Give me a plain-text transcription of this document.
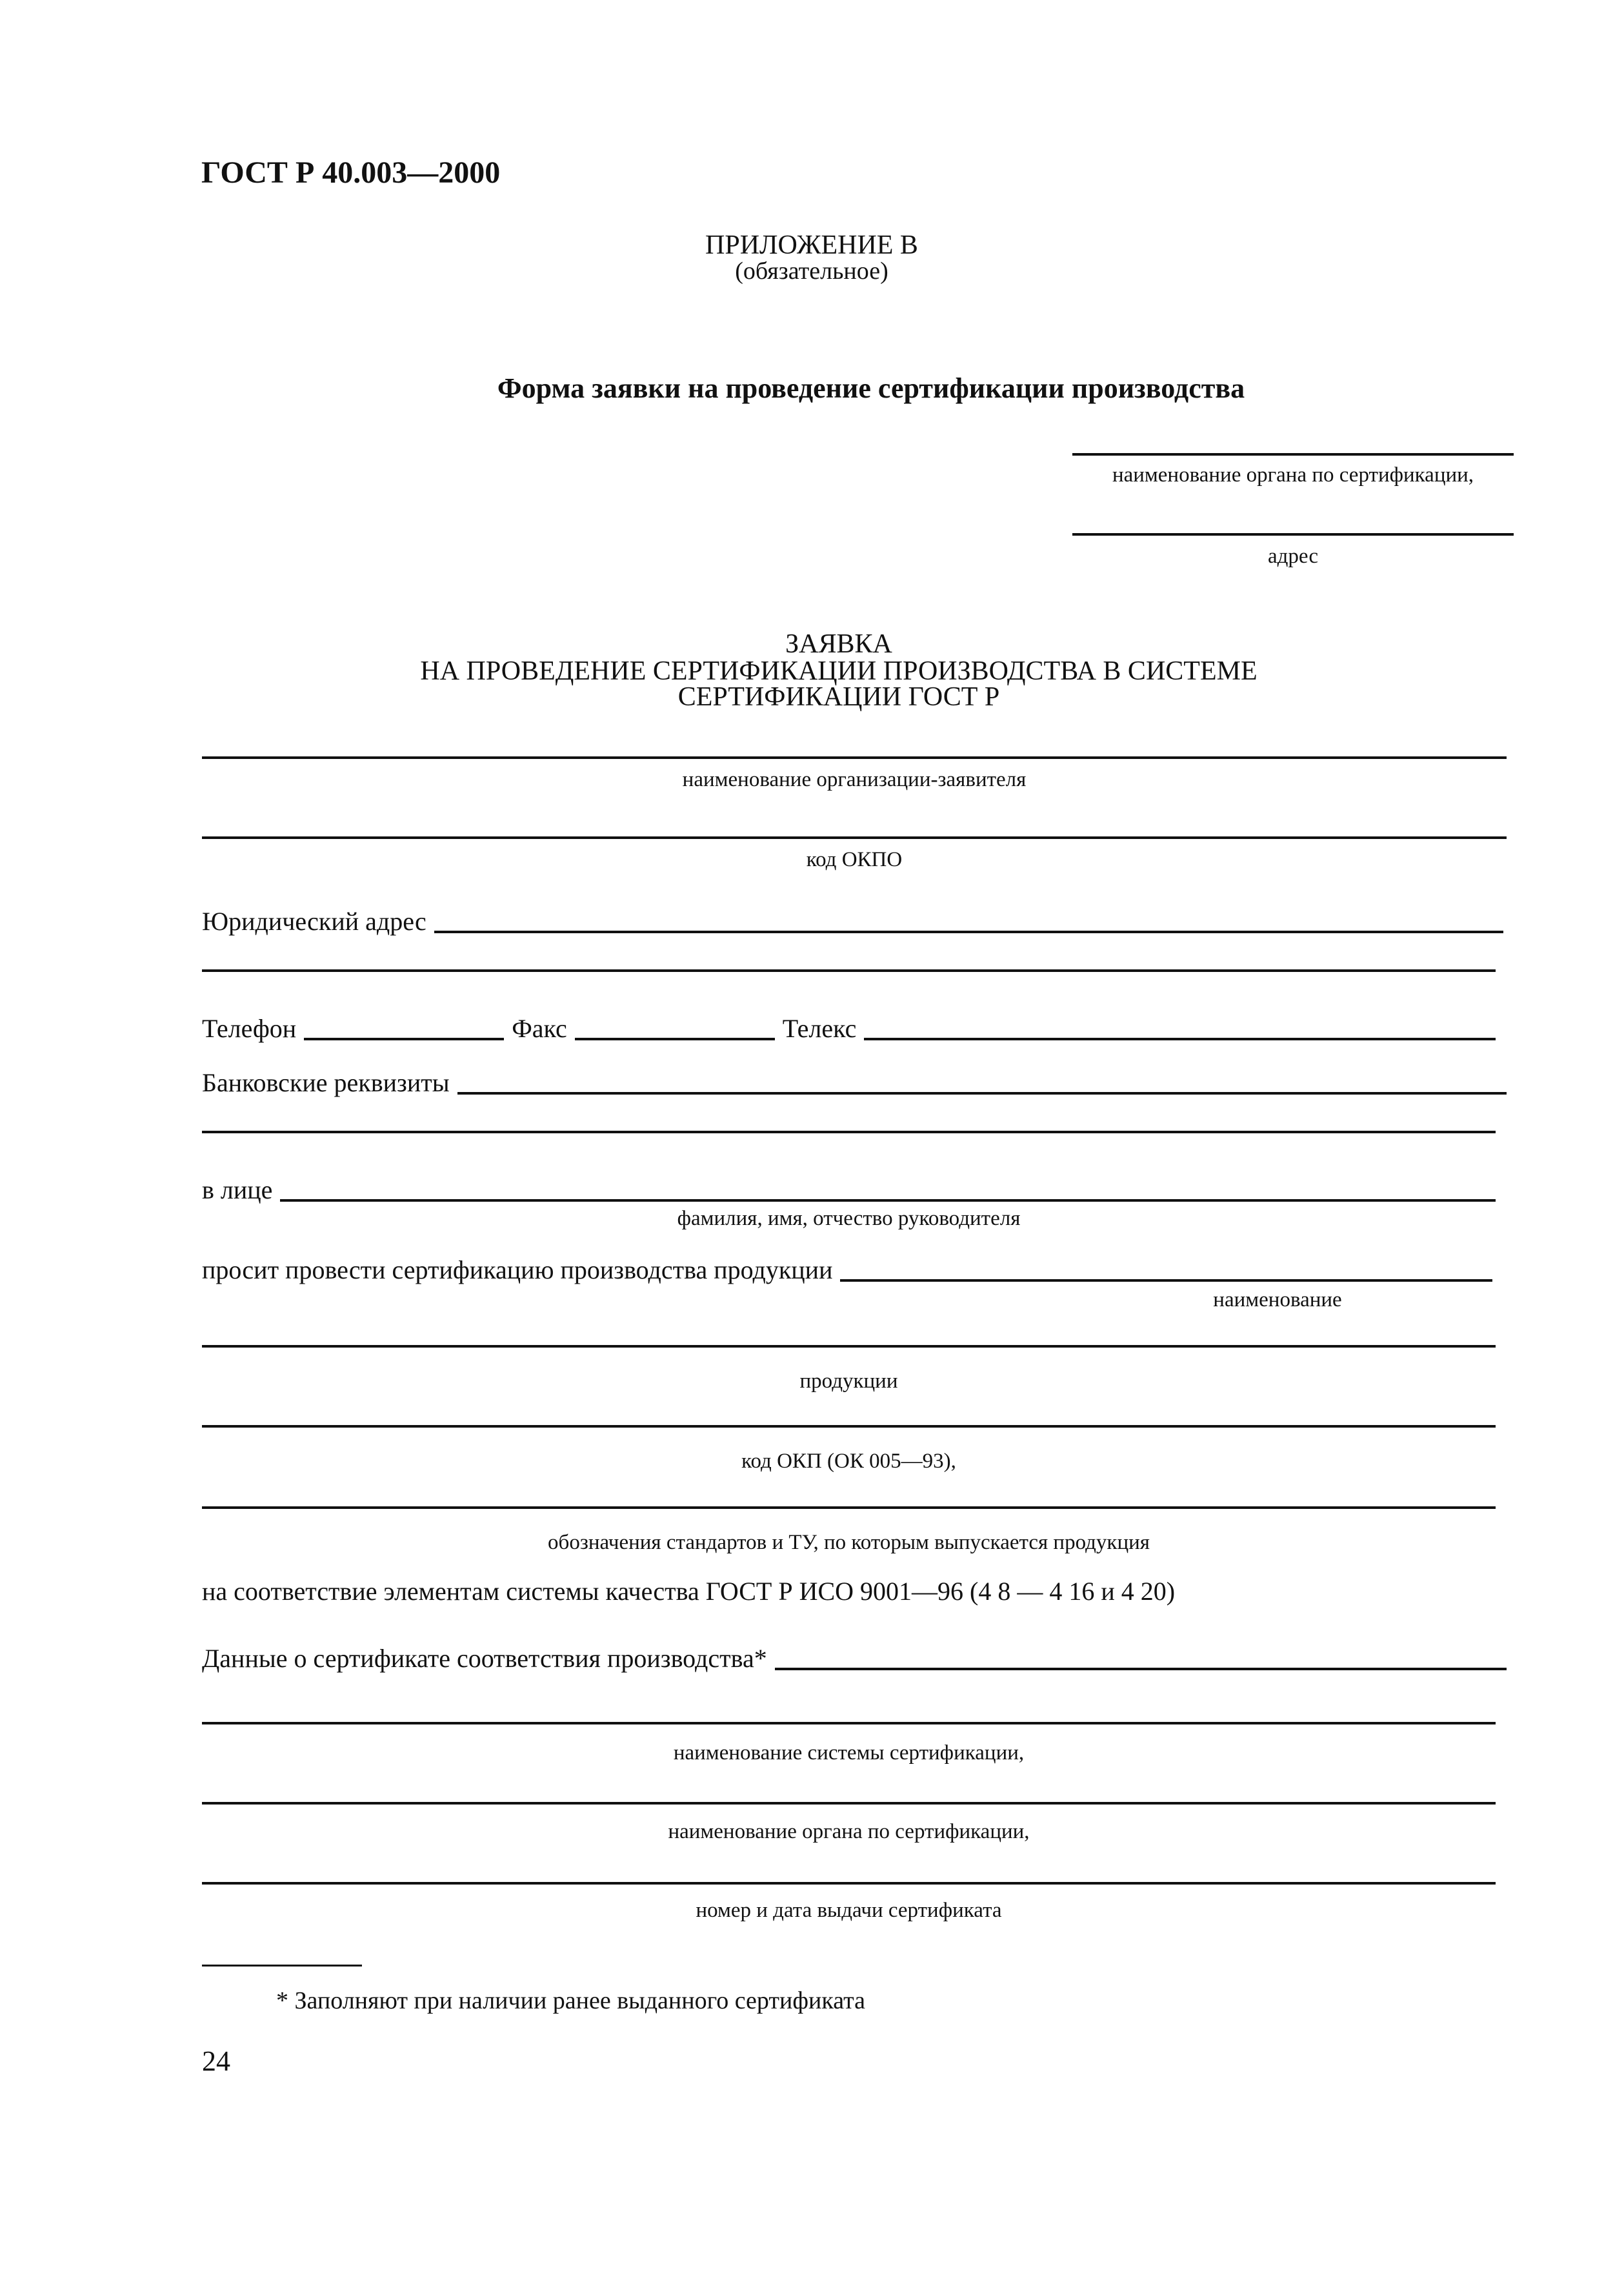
ГОСТ Р 40.003—2000
ПРИЛОЖЕНИЕ В
(обязательное)
Форма заявки на проведение сертификации производства
наименование органа по сертификации,
адрес
ЗАЯВКА
НА ПРОВЕДЕНИЕ СЕРТИФИКАЦИИ ПРОИЗВОДСТВА В СИСТЕМЕ
СЕРТИФИКАЦИИ ГОСТ Р
наименование организации-заявителя
код ОКПО
Юридический адрес
Телефон	Факс	Телекс
Банковские реквизиты
в лице
фамилия, имя, отчество руководителя
просит провести сертификацию производства продукции
наименование
продукции
код ОКП (ОК 005—93),
обозначения стандартов и ТУ, по которым выпускается продукция
на соответствие элементам системы качества ГОСТ Р ИСО 9001—96 (4 8 — 4 16 и 4 20)
Данные о сертификате соответствия производства*
наименование системы сертификации,
наименование органа по сертификации,
номер и дата выдачи сертификата
* Заполняют при наличии ранее выданного сертификата
24
